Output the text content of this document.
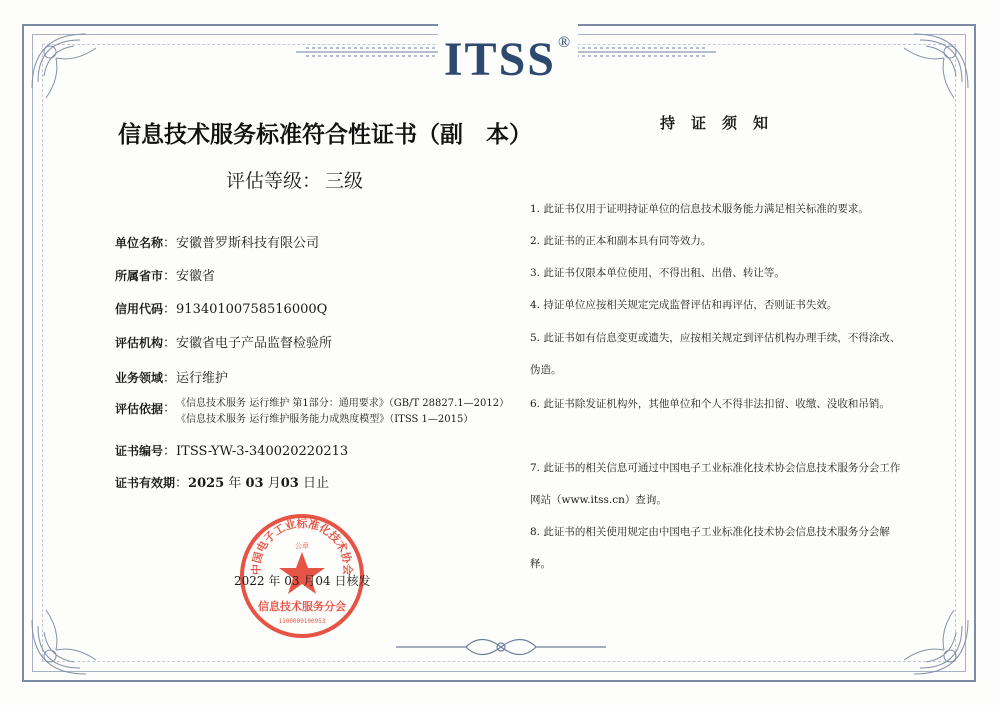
ITSS ®
信息技术服务标准符合性证书（副　本）
评估等级： 三级
单位名称：安徽普罗斯科技有限公司
所属省市：安徽省
信用代码：91340100758516000Q
评估机构：安徽省电子产品监督检验所
业务领域：运行维护
评估依据 ： 《信息技术服务 运行维护 第1部分：通用要求》（GB/T 28827.1—2012）
《信息技术服务 运行维护服务能力成熟度模型》（ITSS 1—2015）
证书编号：ITSS-YW-3-340020220213
证书有效期：2025 年 03 月03 日止
中国电子工业标准化技术协会
公章
信息技术服务分会
1100000100953
2022 年 03 月04 日核发
持证须知

1. 此证书仅用于证明持证单位的信息技术服务能力满足相关标准的要求。

2. 此证书的正本和副本具有同等效力。

3. 此证书仅限本单位使用，不得出租、出借、转让等。

4. 持证单位应按相关规定完成监督评估和再评估，否则证书失效。

5. 此证书如有信息变更或遗失，应按相关规定到评估机构办理手续，不得涂改、伪造。

6. 此证书除发证机构外，其他单位和个人不得非法扣留、收缴、没收和吊销。

7. 此证书的相关信息可通过中国电子工业标准化技术协会信息技术服务分会工作网站（www.itss.cn）查询。

8. 此证书的相关使用规定由中国电子工业标准化技术协会信息技术服务分会解释。
